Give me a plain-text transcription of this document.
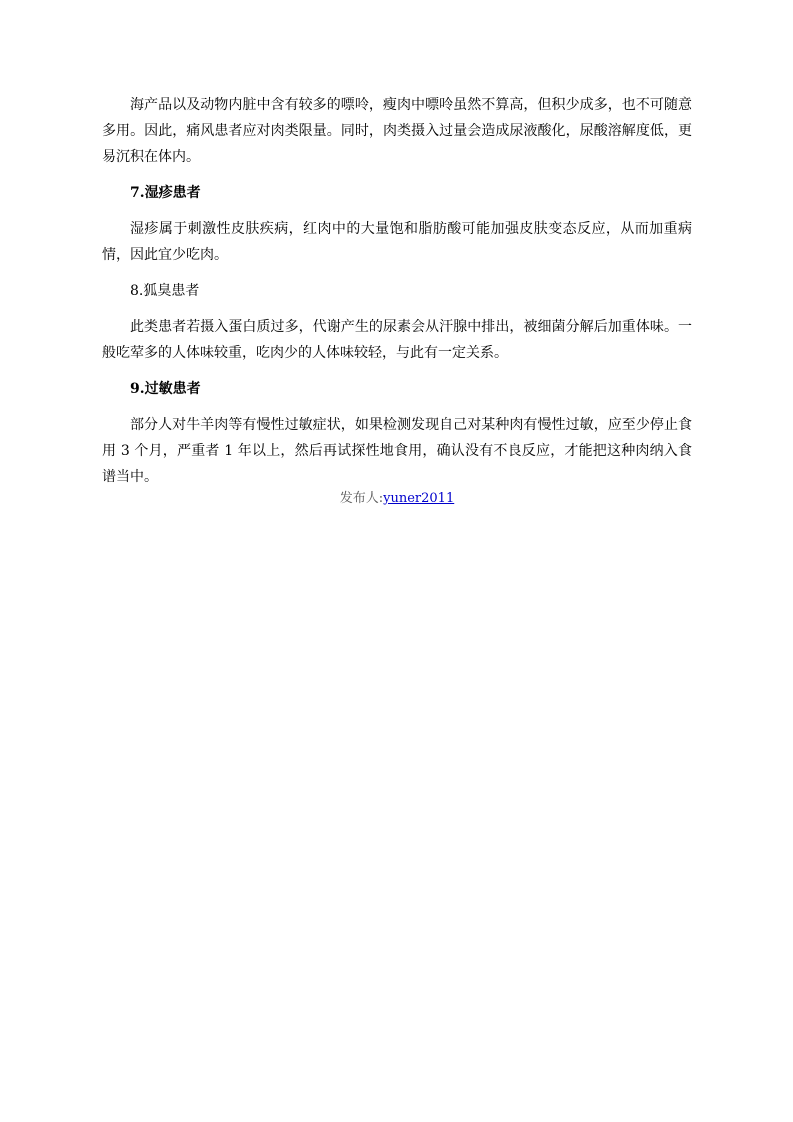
海产品以及动物内脏中含有较多的嘌呤，瘦肉中嘌呤虽然不算高，但积少成多，也不可随意多用。因此，痛风患者应对肉类限量。同时，肉类摄入过量会造成尿液酸化，尿酸溶解度低，更易沉积在体内。

7.湿疹患者

湿疹属于刺激性皮肤疾病，红肉中的大量饱和脂肪酸可能加强皮肤变态反应，从而加重病情，因此宜少吃肉。

8.狐臭患者

此类患者若摄入蛋白质过多，代谢产生的尿素会从汗腺中排出，被细菌分解后加重体味。一般吃荤多的人体味较重，吃肉少的人体味较轻，与此有一定关系。

9.过敏患者

部分人对牛羊肉等有慢性过敏症状，如果检测发现自己对某种肉有慢性过敏，应至少停止食用 3 个月，严重者 1 年以上，然后再试探性地食用，确认没有不良反应，才能把这种肉纳入食谱当中。

发布人:yuner2011
